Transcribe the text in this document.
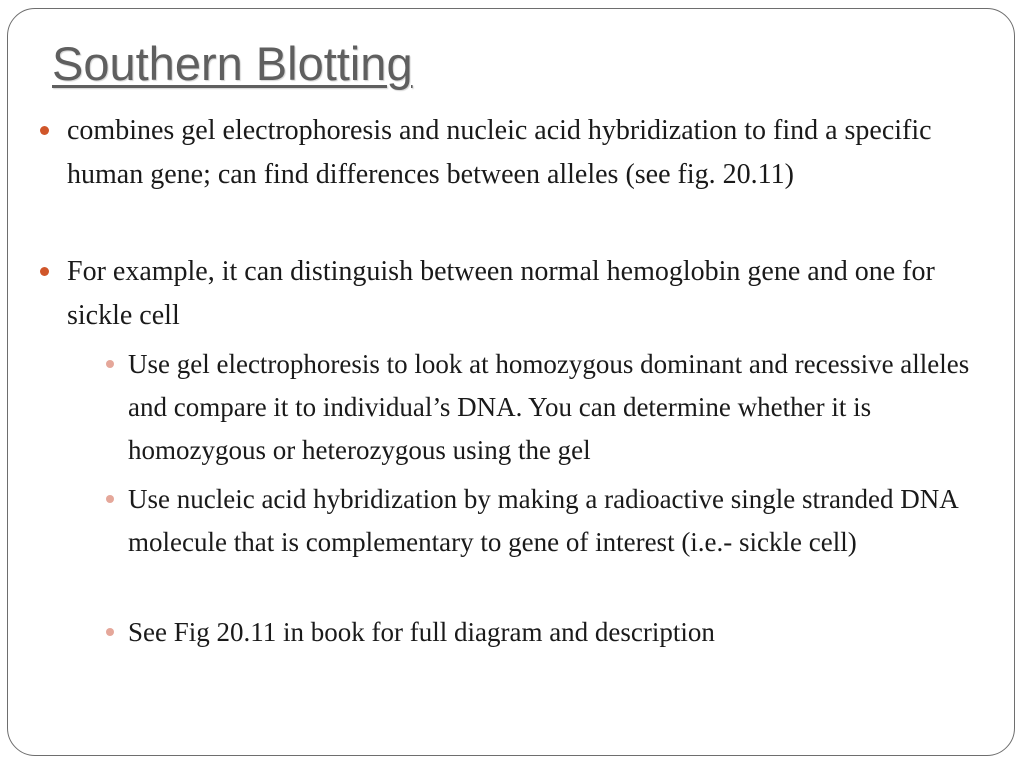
Southern Blotting
combines gel electrophoresis and nucleic acid hybridization to find a specific human gene; can find differences between alleles (see fig. 20.11)
For example, it can distinguish between normal hemoglobin gene and one for sickle cell
Use gel electrophoresis to look at homozygous dominant and recessive alleles and compare it to individual’s DNA. You can determine whether it is homozygous or heterozygous using the gel
Use nucleic acid hybridization by making a radioactive single stranded DNA molecule that is complementary to gene of interest (i.e.- sickle cell)
See Fig 20.11 in book for full diagram and description
